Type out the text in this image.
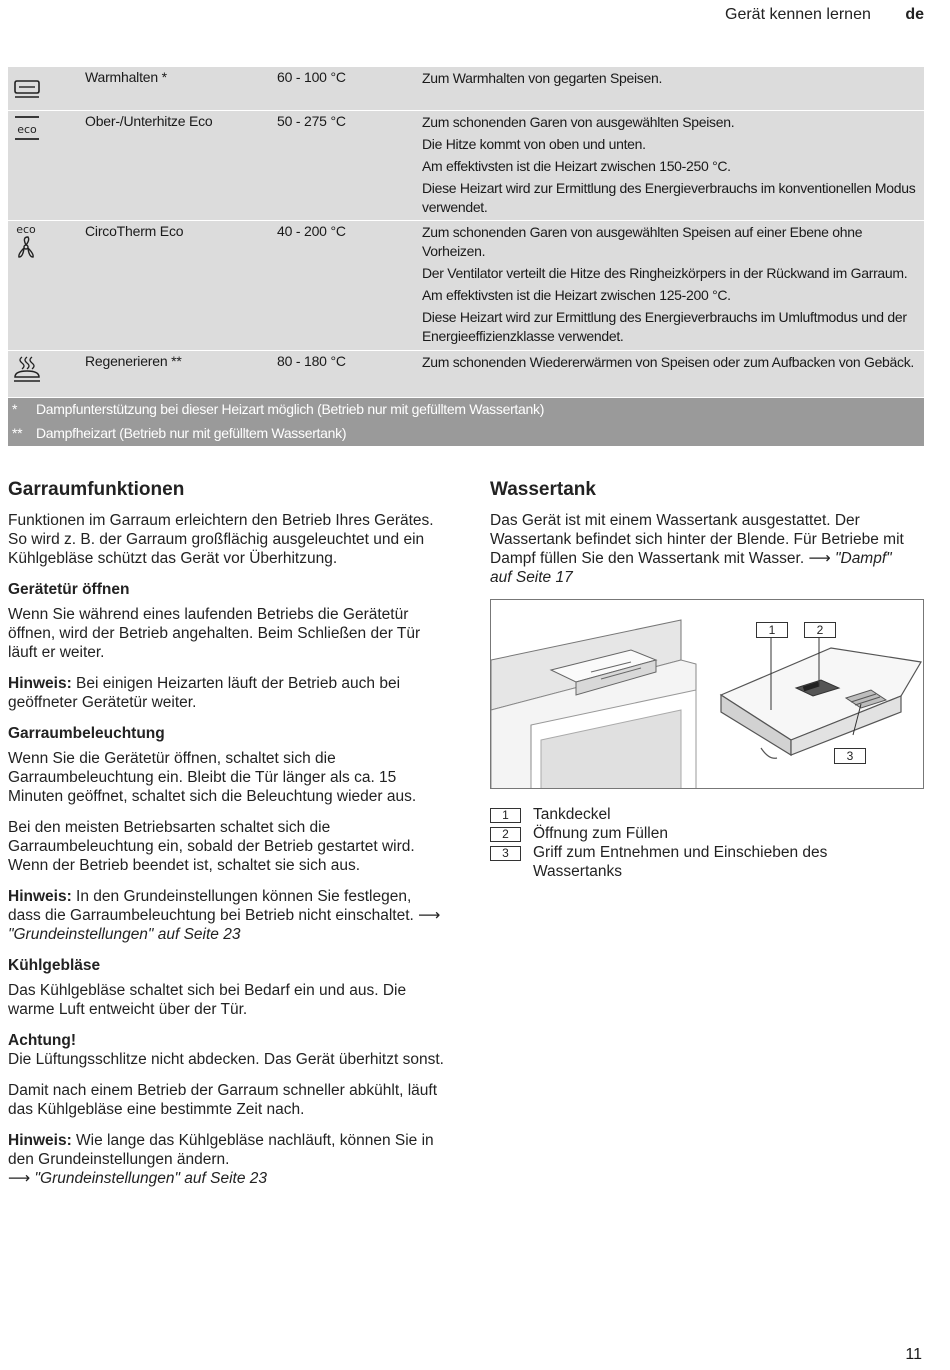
Gerät kennen lernen de
Warmhalten *	60 - 100 °C	Zum Warmhalten von gegarten Speisen.

eco
Ober-/Unterhitze Eco	50 - 275 °C	Zum schonenden Garen von ausgewählten Speisen.

Die Hitze kommt von oben und unten.

Am effektivsten ist die Heizart zwischen 150-250 °C.

Diese Heizart wird zur Ermittlung des Energieverbrauchs im konventionellen Modus verwendet.

eco	CircoTherm Eco	40 - 200 °C	Zum schonenden Garen von ausgewählten Speisen auf einer Ebene ohne Vorheizen.

Der Ventilator verteilt die Hitze des Ringheizkörpers in der Rückwand im Garraum.

Am effektivsten ist die Heizart zwischen 125-200 °C.

Diese Heizart wird zur Ermittlung des Energieverbrauchs im Umluftmodus und der Energieeffizienzklasse verwendet.

Regenerieren **	80 - 180 °C	Zum schonenden Wiedererwärmen von Speisen oder zum Aufbacken von Gebäck.

* Dampfunterstützung bei dieser Heizart möglich (Betrieb nur mit gefülltem Wassertank)
** Dampfheizart (Betrieb nur mit gefülltem Wassertank)
Garraumfunktionen

Funktionen im Garraum erleichtern den Betrieb Ihres Gerätes. So wird z. B. der Garraum großflächig ausgeleuchtet und ein Kühlgebläse schützt das Gerät vor Überhitzung.

Gerätetür öffnen

Wenn Sie während eines laufenden Betriebs die Gerätetür öffnen, wird der Betrieb angehalten. Beim Schließen der Tür läuft er weiter.

Hinweis: Bei einigen Heizarten läuft der Betrieb auch bei geöffneter Gerätetür weiter.

Garraumbeleuchtung

Wenn Sie die Gerätetür öffnen, schaltet sich die Garraumbeleuchtung ein. Bleibt die Tür länger als ca. 15 Minuten geöffnet, schaltet sich die Beleuchtung wieder aus.

Bei den meisten Betriebsarten schaltet sich die Garraumbeleuchtung ein, sobald der Betrieb gestartet wird. Wenn der Betrieb beendet ist, schaltet sie sich aus.

Hinweis: In den Grundeinstellungen können Sie festlegen, dass die Garraumbeleuchtung bei Betrieb nicht einschaltet. ⟶ "Grundeinstellungen" auf Seite 23

Kühlgebläse

Das Kühlgebläse schaltet sich bei Bedarf ein und aus. Die warme Luft entweicht über der Tür.

Achtung!
Die Lüftungsschlitze nicht abdecken. Das Gerät überhitzt sonst.

Damit nach einem Betrieb der Garraum schneller abkühlt, läuft das Kühlgebläse eine bestimmte Zeit nach.

Hinweis: Wie lange das Kühlgebläse nachläuft, können Sie in den Grundeinstellungen ändern.
⟶ "Grundeinstellungen" auf Seite 23

Wassertank

Das Gerät ist mit einem Wassertank ausgestattet. Der Wassertank befindet sich hinter der Blende. Für Betriebe mit Dampf füllen Sie den Wassertank mit Wasser. ⟶ "Dampf" auf Seite 17

1	2
3
1	Tankdeckel
2	Öffnung zum Füllen
3	Griff zum Entnehmen und Einschieben des Wassertanks
11
